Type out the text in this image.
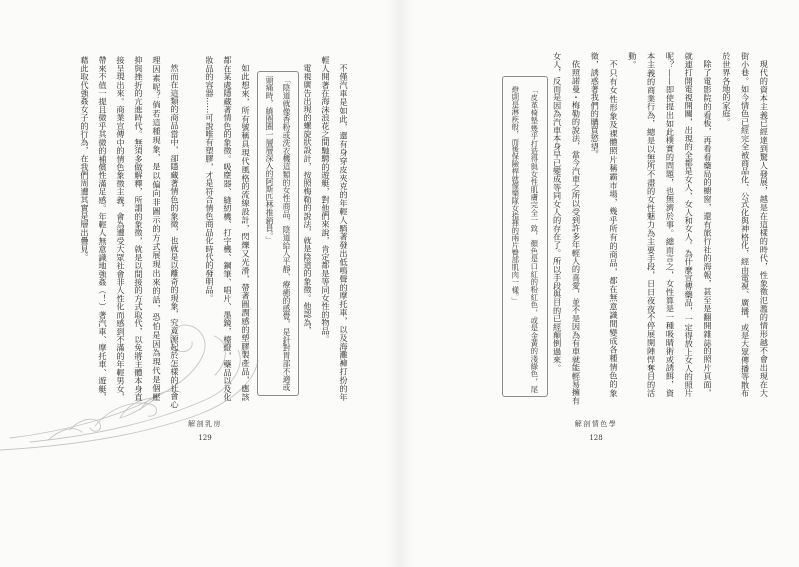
不僅汽車是如此，還有身穿皮夾克的年輕人騎著發出低鳴聲的摩托車，以及海灘褲打扮的年
輕人開著在海沫浪花之間馳騁的遊艇，對他們來說，肯定都是等同女性的物品。
電視廣告出現的螺旋狀設計，按照梅勒的說法，就是陰道的象徵。他認為，
「陰道就像香粉或洗衣機這類的女性商品，陰道給人平靜、療癒的感覺，是針對胃部不適或
頭痛時，繞圈圈一層層深入的阿斯匹林推銷員。」
如此想來，所有號稱具現代風格的流線設計，閃爍又光滑，帶著圓潤感的塑膠製產品，應該
都在某處隱藏著情色的象徵。吸塵器、縫紉機、打字機、鋼筆、唱片、墨鏡，檯燈，藥品以及化
妝品的容器……可說唯有塑膠，才是符合情色商品化時代的發明品。
然而在這類的商品當中，卻隱藏著情色的象徵，也就是以離奇的現象，究竟源起於怎樣的社會心
理因素呢？倘若這種現象，是以偏向非圖示的方式展現出來的話，恐怕是因為現代是個壓
抑與挫折的亢進時代。無須多做解釋，所謂的象徵，就是以間接的方式取代，以免將主體本身直
接呈現出來。商業宣傳中的情色象徵主義，會為遭受大眾社會非人性化而感到不滿的年輕男女，
帶來不值一提且微乎其微的補償性滿足感。年輕人無意識地強姦（！）著汽車、摩托車、遊艇，
藉此取代強姦女子的行為，在我們周遭其實是層出疊見。
解剖乳房
129
現代的資本主義已經達到驚人發展，越是在這樣的時代，性象徵氾濫的情形越不會出現在大
街小巷。如今情色已經完全被商品化、公式化與神格化，經由電視、廣播，或是大眾傳播等散布
於世界各地的家庭。
除了電影院的看板，再看看藥局的櫥窗，還有旅行社的海報，甚至是翻開雜誌的照片頁面，
就連打開電視開關，出現的全都是女人、女人和女人。為什麼宣傳藥品，一定得放上女人的照片
呢？——即使提出如此樸實的問題，也無濟於事。總而言之，女性算是一種吸睛術或誘餌，資
本主義的商業行為，總是以無所不盡的女性魅力為主要手段，日日夜夜不停展開陣悍奪目的活
動。
不只有女性形象及裸體照片稱霸市場，幾乎所有的商品，都在無意識間變成各種情色的象
徵，誘惑著我們的購買慾望。
依照諾曼・梅勒的說法，當今汽車之所以受到許多年輕人的喜愛，並不是因為有車就能輕易擁有
女人，反而是因為汽車本身早已變成等同女人的存在了。所以手段與目的已經顛倒過來。
「皮革椅墊幾乎打造得與女性肌膚完全一致，顏色是口紅的粉紅色，或是金黃的淺綠色，尾
燈則是淋疾般，而後保險桿就像樂隊女指揮的兩片臀部肌肉一樣。」
解剖情色學
128
